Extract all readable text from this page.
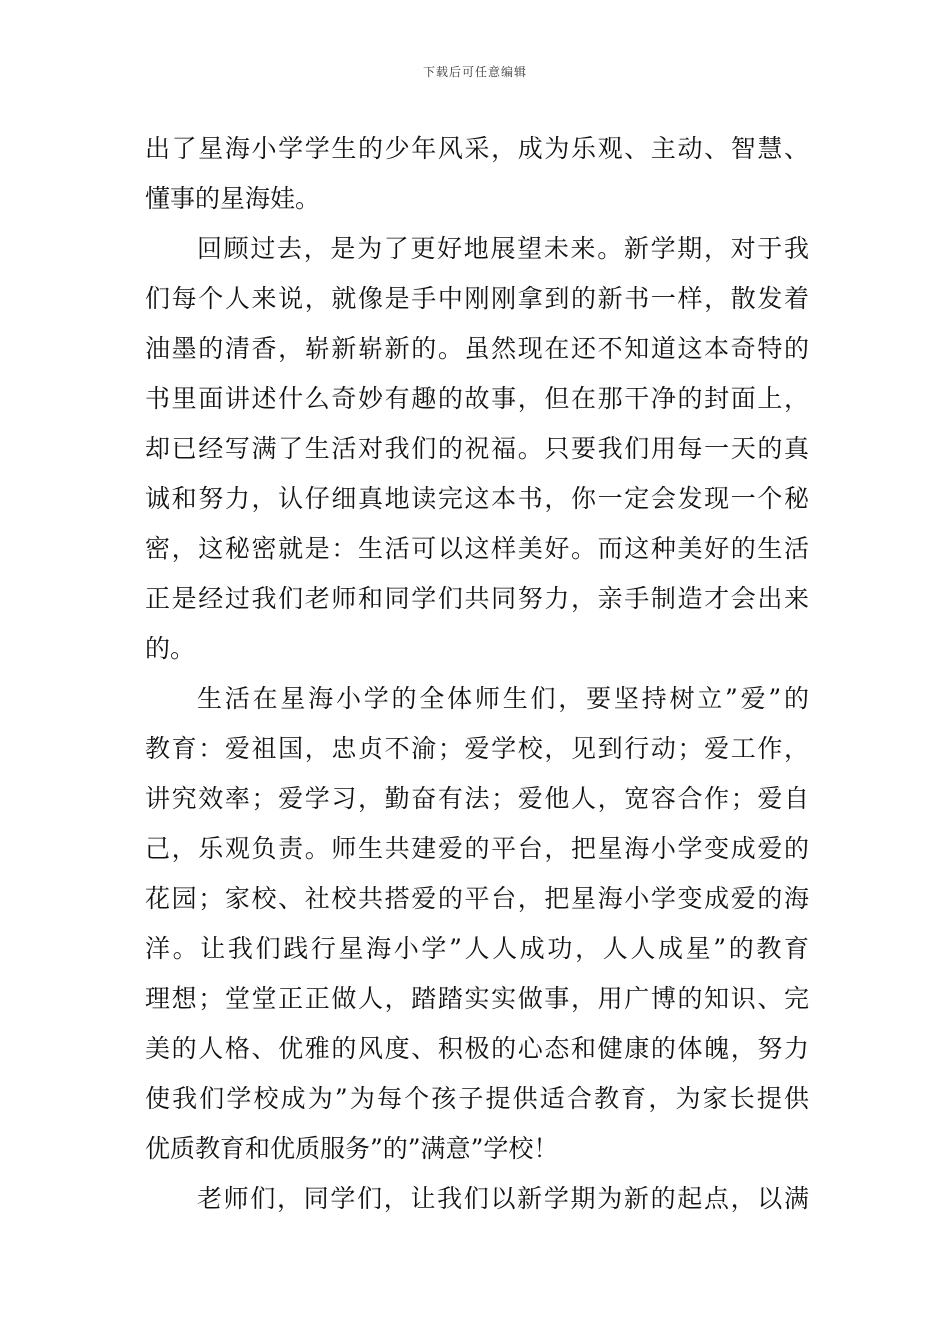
下载后可任意编辑
出了星海小学学生的少年风采，成为乐观、主动、智慧、
懂事的星海娃。
回顾过去，是为了更好地展望未来。新学期，对于我
们每个人来说，就像是手中刚刚拿到的新书一样，散发着
油墨的清香，崭新崭新的。虽然现在还不知道这本奇特的
书里面讲述什么奇妙有趣的故事，但在那干净的封面上，
却已经写满了生活对我们的祝福。只要我们用每一天的真
诚和努力，认仔细真地读完这本书，你一定会发现一个秘
密，这秘密就是：生活可以这样美好。而这种美好的生活
正是经过我们老师和同学们共同努力，亲手制造才会出来
的。
生活在星海小学的全体师生们，要坚持树立”爱”的
教育：爱祖国，忠贞不渝；爱学校，见到行动；爱工作，
讲究效率；爱学习，勤奋有法；爱他人，宽容合作；爱自
己，乐观负责。师生共建爱的平台，把星海小学变成爱的
花园；家校、社校共搭爱的平台，把星海小学变成爱的海
洋。让我们践行星海小学”人人成功，人人成星”的教育
理想；堂堂正正做人，踏踏实实做事，用广博的知识、完
美的人格、优雅的风度、积极的心态和健康的体魄，努力
使我们学校成为”为每个孩子提供适合教育，为家长提供
优质教育和优质服务”的”满意”学校！
老师们，同学们，让我们以新学期为新的起点，以满
